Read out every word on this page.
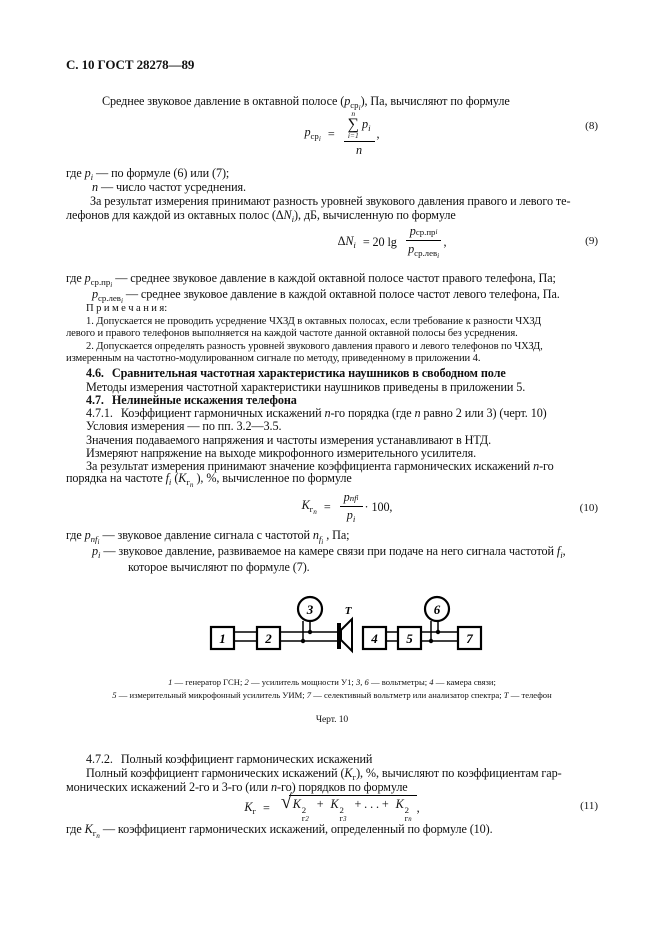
С. 10 ГОСТ 28278—89
Среднее звуковое давление в октавной полосе $(p_{срi})$, Па, вычисляют по формуле
$p_{срi} = n$
∑
i=1
$p_i$
n ,
(8)
где $p_i$ — по формуле (6) или (7);
n — число частот усреднения.
За результат измерения принимают разность уровней звукового давления правого и левого те-
лефонов для каждой из октавных полос $(\Delta N_i)$, дБ, вычисленную по формуле
$\Delta N_i = 20$ $\lg \frac{\text{p ср.пр i}}{p_{ср.левi}}$ ,	(9)
где $p_{ср.прi}$ — среднее звуковое давление в каждой октавной полосе частот правого телефона, Па;
$p_{ср.левi}$ — среднее звуковое давление в каждой октавной полосе частот левого телефона, Па.
П р и м е ч а н и я:
1. Допускается не проводить усреднение ЧХЗД в октавных полосах, если требование к разности ЧХЗД
левого и правого телефонов выполняется на каждой частоте данной октавной полосы без усреднения.
2. Допускается определять разность уровней звукового давления правого и левого телефонов по ЧХЗД,
измеренным на частотно-модулированном сигнале по методу, приведенному в приложении 4.
4.6. Сравнительная частотная характеристика наушников в свободном поле
Методы измерения частотной характеристики наушников приведены в приложении 5.
4.7. Нелинейные искажения телефона
4.7.1. Коэффициент гармоничных искажений n-го порядка (где n равно 2 или 3) (черт. 10)
Условия измерения — по пп. 3.2—3.5.
Значения подаваемого напряжения и частоты измерения устанавливают в НТД.
Измеряют напряжение на выходе микрофонного измерительного усилителя.
За результат измерения принимают значение коэффициента гармонических искажений n-го
порядка на частоте $f_i$ ($K_{гn}$ ), %, вычисленное по формуле
$K_{гn} = \frac{\text{p nf i}}{p_i} \cdot 100$,	(10)
где $p_{nfi}$ — звуковое давление сигнала с частотой $n_{fi}$ , Па;
$p_i$ — звуковое давление, развиваемое на камере связи при подаче на него сигнала частотой $f_i$,
которое вычисляют по формуле (7).
1	2	4 5	7
3	6
Т
1 — генератор ГСН; 2 — усилитель мощности У1; 3, 6 — вольтметры; 4 — камера связи;
5 — измерительный микрофонный усилитель УИМ; 7 — селективный вольтметр или анализатор спектра; Т — телефон
Черт. 10
4.7.2. Полный коэффициент гармонических искажений
Полный коэффициент гармонических искажений $(K_г)$, %, вычисляют по коэффициентам гар-
монических искажений 2-го и 3-го (или n-го) порядков по формуле
$K_г$ = √ K 2
г2
+ K 2
г3
+ . . . + K 2
гn
,	(11)
где $K_{гn}$ — коэффициент гармонических искажений, определенный по формуле (10).
